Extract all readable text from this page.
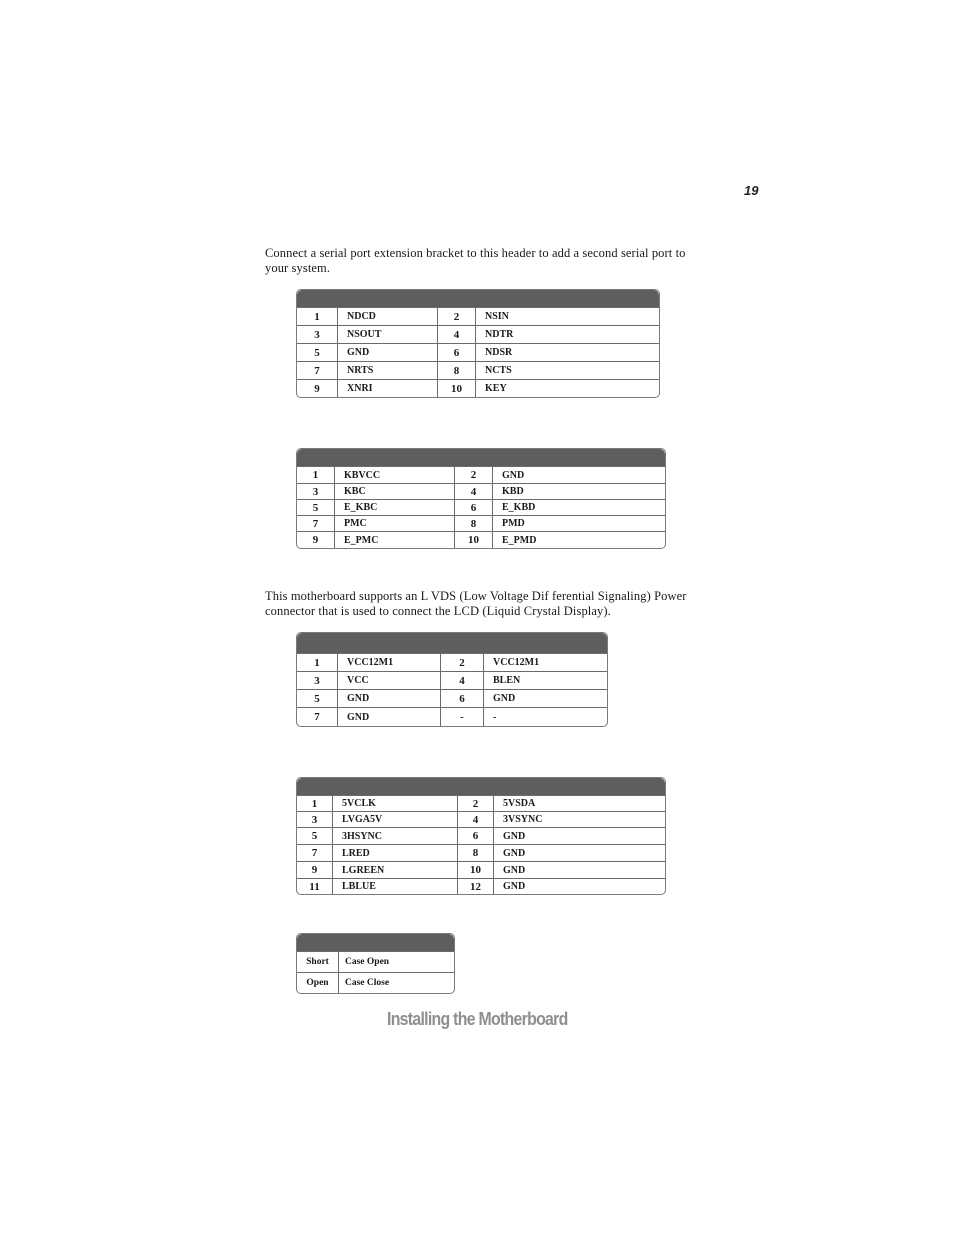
19
Connect a serial port extension bracket to this header to add a second serial port to your system.
1	NDCD	2	NSIN
3	NSOUT	4	NDTR
5	GND	6	NDSR
7	NRTS	8	NCTS
9	XNRI	10	KEY
1	KBVCC	2	GND
3	KBC	4	KBD
5	E_KBC	6	E_KBD
7	PMC	8	PMD
9	E_PMC	10	E_PMD
This motherboard supports an L VDS (Low Voltage Dif ferential Signaling) Power
connector that is used to connect the LCD (Liquid Crystal Display).
1	VCC12M1	2	VCC12M1
3	VCC	4	BLEN
5	GND	6	GND
7	GND	-	-
1	5VCLK	2	5VSDA
3	LVGA5V	4	3VSYNC
5	3HSYNC	6	GND
7	LRED	8	GND
9	LGREEN	10	GND
11	LBLUE	12	GND
Short	Case Open
Open	Case Close
Installing the Motherboard
